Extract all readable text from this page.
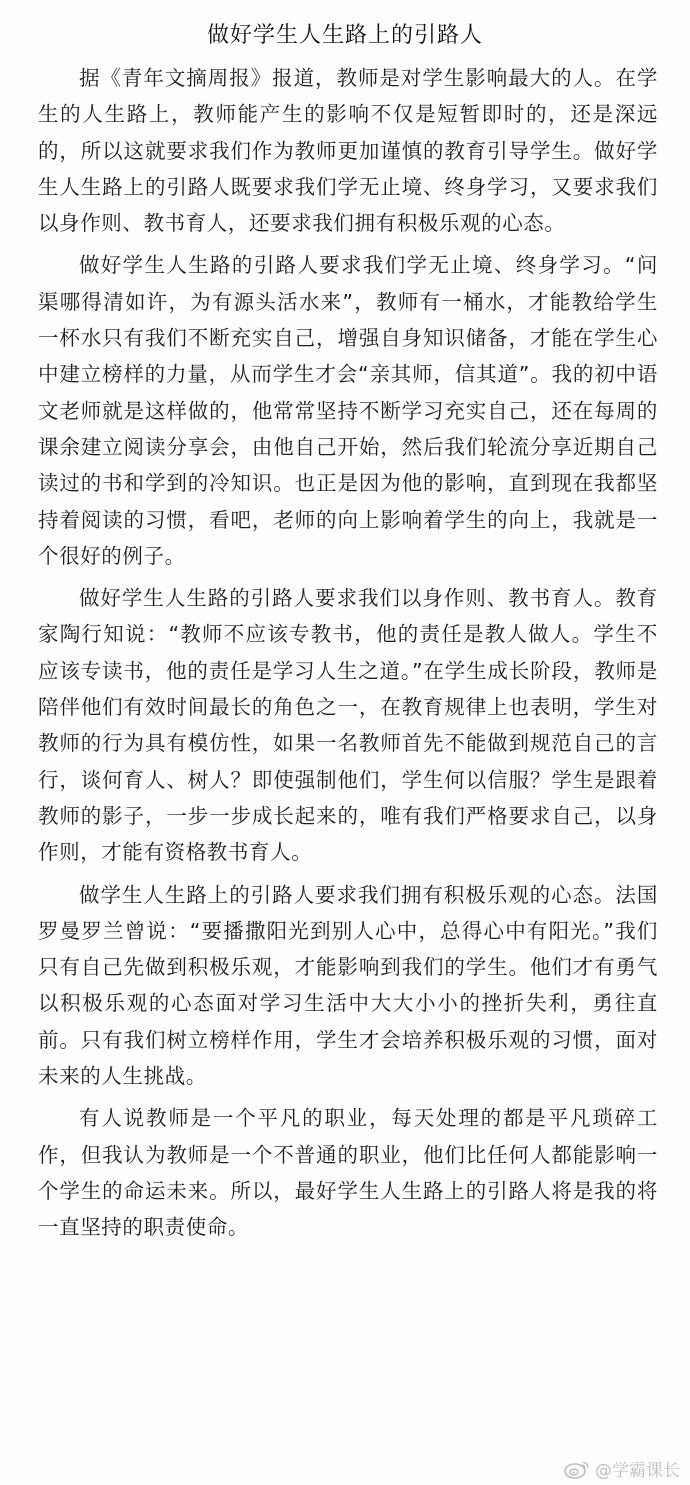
做好学生人生路上的引路人

据《青年文摘周报》报道，教师是对学生影响最大的人。在学生的人生路上，教师能产生的影响不仅是短暂即时的，还是深远的，所以这就要求我们作为教师更加谨慎的教育引导学生。做好学生人生路上的引路人既要求我们学无止境、终身学习，又要求我们以身作则、教书育人，还要求我们拥有积极乐观的心态。

做好学生人生路的引路人要求我们学无止境、终身学习。“问渠哪得清如许，为有源头活水来”，教师有一桶水，才能教给学生一杯水只有我们不断充实自己，增强自身知识储备，才能在学生心中建立榜样的力量，从而学生才会“亲其师，信其道”。我的初中语文老师就是这样做的，他常常坚持不断学习充实自己，还在每周的课余建立阅读分享会，由他自己开始，然后我们轮流分享近期自己读过的书和学到的冷知识。也正是因为他的影响，直到现在我都坚持着阅读的习惯，看吧，老师的向上影响着学生的向上，我就是一个很好的例子。

做好学生人生路的引路人要求我们以身作则、教书育人。教育家陶行知说：“教师不应该专教书，他的责任是教人做人。学生不应该专读书，他的责任是学习人生之道。”在学生成长阶段，教师是陪伴他们有效时间最长的角色之一，在教育规律上也表明，学生对教师的行为具有模仿性，如果一名教师首先不能做到规范自己的言行，谈何育人、树人？即使强制他们，学生何以信服？学生是跟着教师的影子，一步一步成长起来的，唯有我们严格要求自己，以身作则，才能有资格教书育人。

做学生人生路上的引路人要求我们拥有积极乐观的心态。法国罗曼罗兰曾说：“要播撒阳光到别人心中，总得心中有阳光。”我们只有自己先做到积极乐观，才能影响到我们的学生。他们才有勇气以积极乐观的心态面对学习生活中大大小小的挫折失利，勇往直前。只有我们树立榜样作用，学生才会培养积极乐观的习惯，面对未来的人生挑战。

有人说教师是一个平凡的职业，每天处理的都是平凡琐碎工作，但我认为教师是一个不普通的职业，他们比任何人都能影响一个学生的命运未来。所以，最好学生人生路上的引路人将是我的将一直坚持的职责使命。

@学霸课长
